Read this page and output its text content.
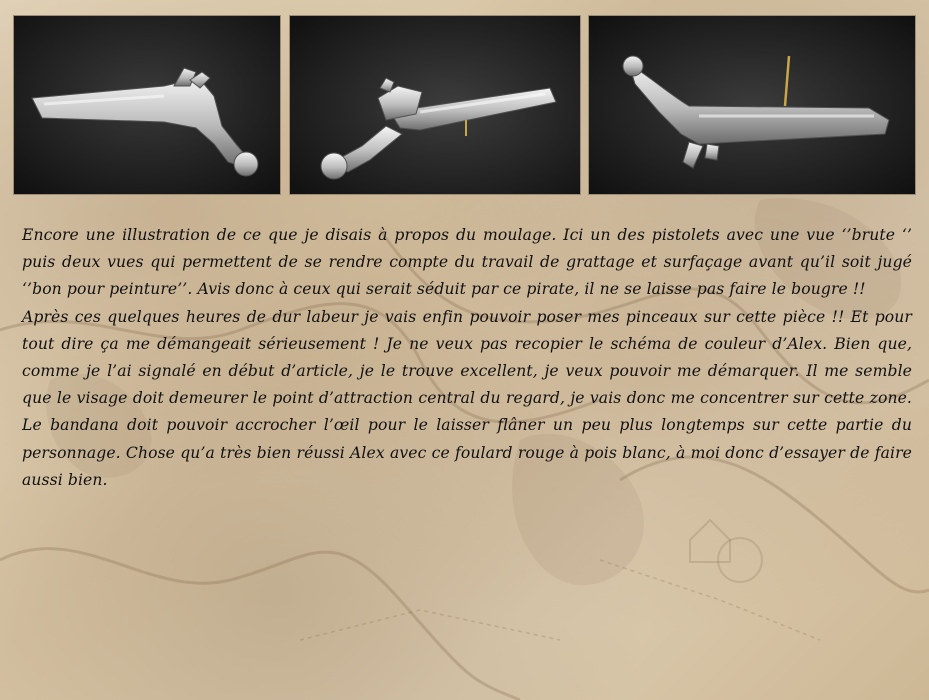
Encore une illustration de ce que je disais à propos du moulage. Ici un des pistolets avec une vue ‘’brute ‘’ puis deux vues qui permettent de se rendre compte du travail de grattage et surfaçage avant qu’il soit jugé ‘’bon pour peinture’’. Avis donc à ceux qui serait séduit par ce pirate, il ne se laisse pas faire le bougre !!

Après ces quelques heures de dur labeur je vais enfin pouvoir poser mes pinceaux sur cette pièce !! Et pour tout dire ça me démangeait sérieusement ! Je ne veux pas recopier le schéma de couleur d’Alex. Bien que, comme je l’ai signalé en début d’article, je le trouve excellent, je veux pouvoir me démarquer. Il me semble que le visage doit demeurer le point d’attraction central du regard, je vais donc me concentrer sur cette zone. Le bandana doit pouvoir accrocher l’œil pour le laisser flâner un peu plus longtemps sur cette partie du personnage. Chose qu’a très bien réussi Alex avec ce foulard rouge à pois blanc, à moi donc d’essayer de faire aussi bien.
